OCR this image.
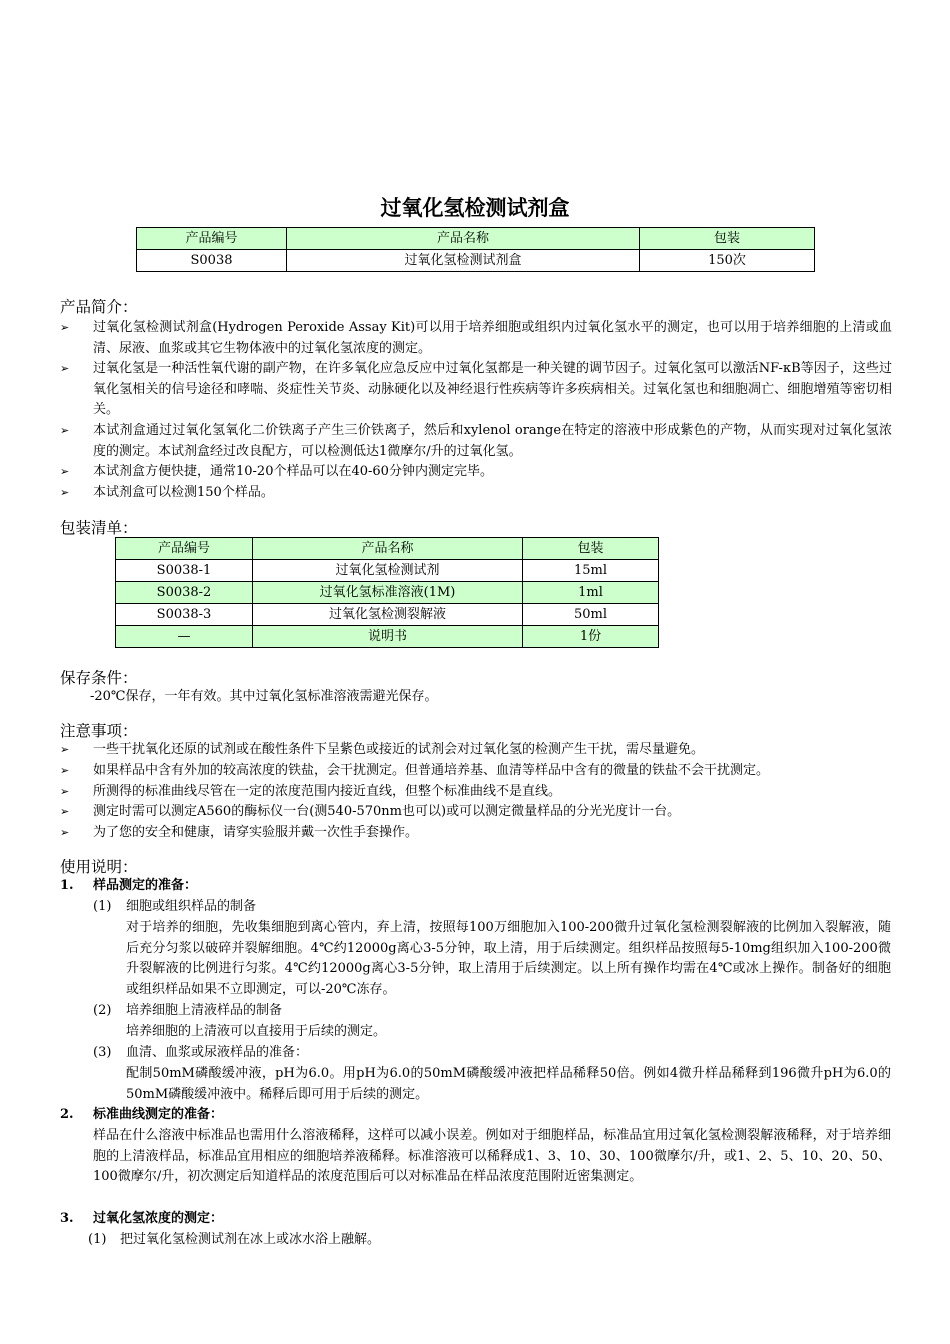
过氧化氢检测试剂盒
产品编号	产品名称	包装
S0038	过氧化氢检测试剂盒	150次
产品简介：
➢ 过氧化氢检测试剂盒(Hydrogen Peroxide Assay Kit)可以用于培养细胞或组织内过氧化氢水平的测定，也可以用于培养细胞的上清或血清、尿液、血浆或其它生物体液中的过氧化氢浓度的测定。
➢ 过氧化氢是一种活性氧代谢的副产物，在许多氧化应急反应中过氧化氢都是一种关键的调节因子。过氧化氢可以激活NF-κB等因子，这些过氧化氢相关的信号途径和哮喘、炎症性关节炎、动脉硬化以及神经退行性疾病等许多疾病相关。过氧化氢也和细胞凋亡、细胞增殖等密切相关。
➢ 本试剂盒通过过氧化氢氧化二价铁离子产生三价铁离子，然后和xylenol orange在特定的溶液中形成紫色的产物，从而实现对过氧化氢浓度的测定。本试剂盒经过改良配方，可以检测低达1微摩尔/升的过氧化氢。
➢ 本试剂盒方便快捷，通常10-20个样品可以在40-60分钟内测定完毕。
➢ 本试剂盒可以检测150个样品。
包装清单：
产品编号	产品名称	包装
S0038-1	过氧化氢检测试剂	15ml
S0038-2	过氧化氢标准溶液(1M)	1ml
S0038-3	过氧化氢检测裂解液	50ml
—	说明书	1份
保存条件：
-20℃保存，一年有效。其中过氧化氢标准溶液需避光保存。
注意事项：
➢ 一些干扰氧化还原的试剂或在酸性条件下呈紫色或接近的试剂会对过氧化氢的检测产生干扰，需尽量避免。
➢ 如果样品中含有外加的较高浓度的铁盐，会干扰测定。但普通培养基、血清等样品中含有的微量的铁盐不会干扰测定。
➢ 所测得的标准曲线尽管在一定的浓度范围内接近直线，但整个标准曲线不是直线。
➢ 测定时需可以测定A560的酶标仪一台(测540-570nm也可以)或可以测定微量样品的分光光度计一台。
➢ 为了您的安全和健康，请穿实验服并戴一次性手套操作。
使用说明：
1. 样品测定的准备：
(1) 细胞或组织样品的制备
对于培养的细胞，先收集细胞到离心管内，弃上清，按照每100万细胞加入100-200微升过氧化氢检测裂解液的比例加入裂解液，随后充分匀浆以破碎并裂解细胞。4℃约12000g离心3-5分钟，取上清，用于后续测定。组织样品按照每5-10mg组织加入100-200微升裂解液的比例进行匀浆。4℃约12000g离心3-5分钟，取上清用于后续测定。以上所有操作均需在4℃或冰上操作。制备好的细胞或组织样品如果不立即测定，可以-20℃冻存。
(2) 培养细胞上清液样品的制备
培养细胞的上清液可以直接用于后续的测定。
(3) 血清、血浆或尿液样品的准备：
配制50mM磷酸缓冲液，pH为6.0。用pH为6.0的50mM磷酸缓冲液把样品稀释50倍。例如4微升样品稀释到196微升pH为6.0的50mM磷酸缓冲液中。稀释后即可用于后续的测定。
2. 标准曲线测定的准备：
样品在什么溶液中标准品也需用什么溶液稀释，这样可以减小误差。例如对于细胞样品，标准品宜用过氧化氢检测裂解液稀释，对于培养细胞的上清液样品，标准品宜用相应的细胞培养液稀释。标准溶液可以稀释成1、3、10、30、100微摩尔/升，或1、2、5、10、20、50、100微摩尔/升，初次测定后知道样品的浓度范围后可以对标准品在样品浓度范围附近密集测定。
3. 过氧化氢浓度的测定：
(1) 把过氧化氢检测试剂在冰上或冰水浴上融解。
